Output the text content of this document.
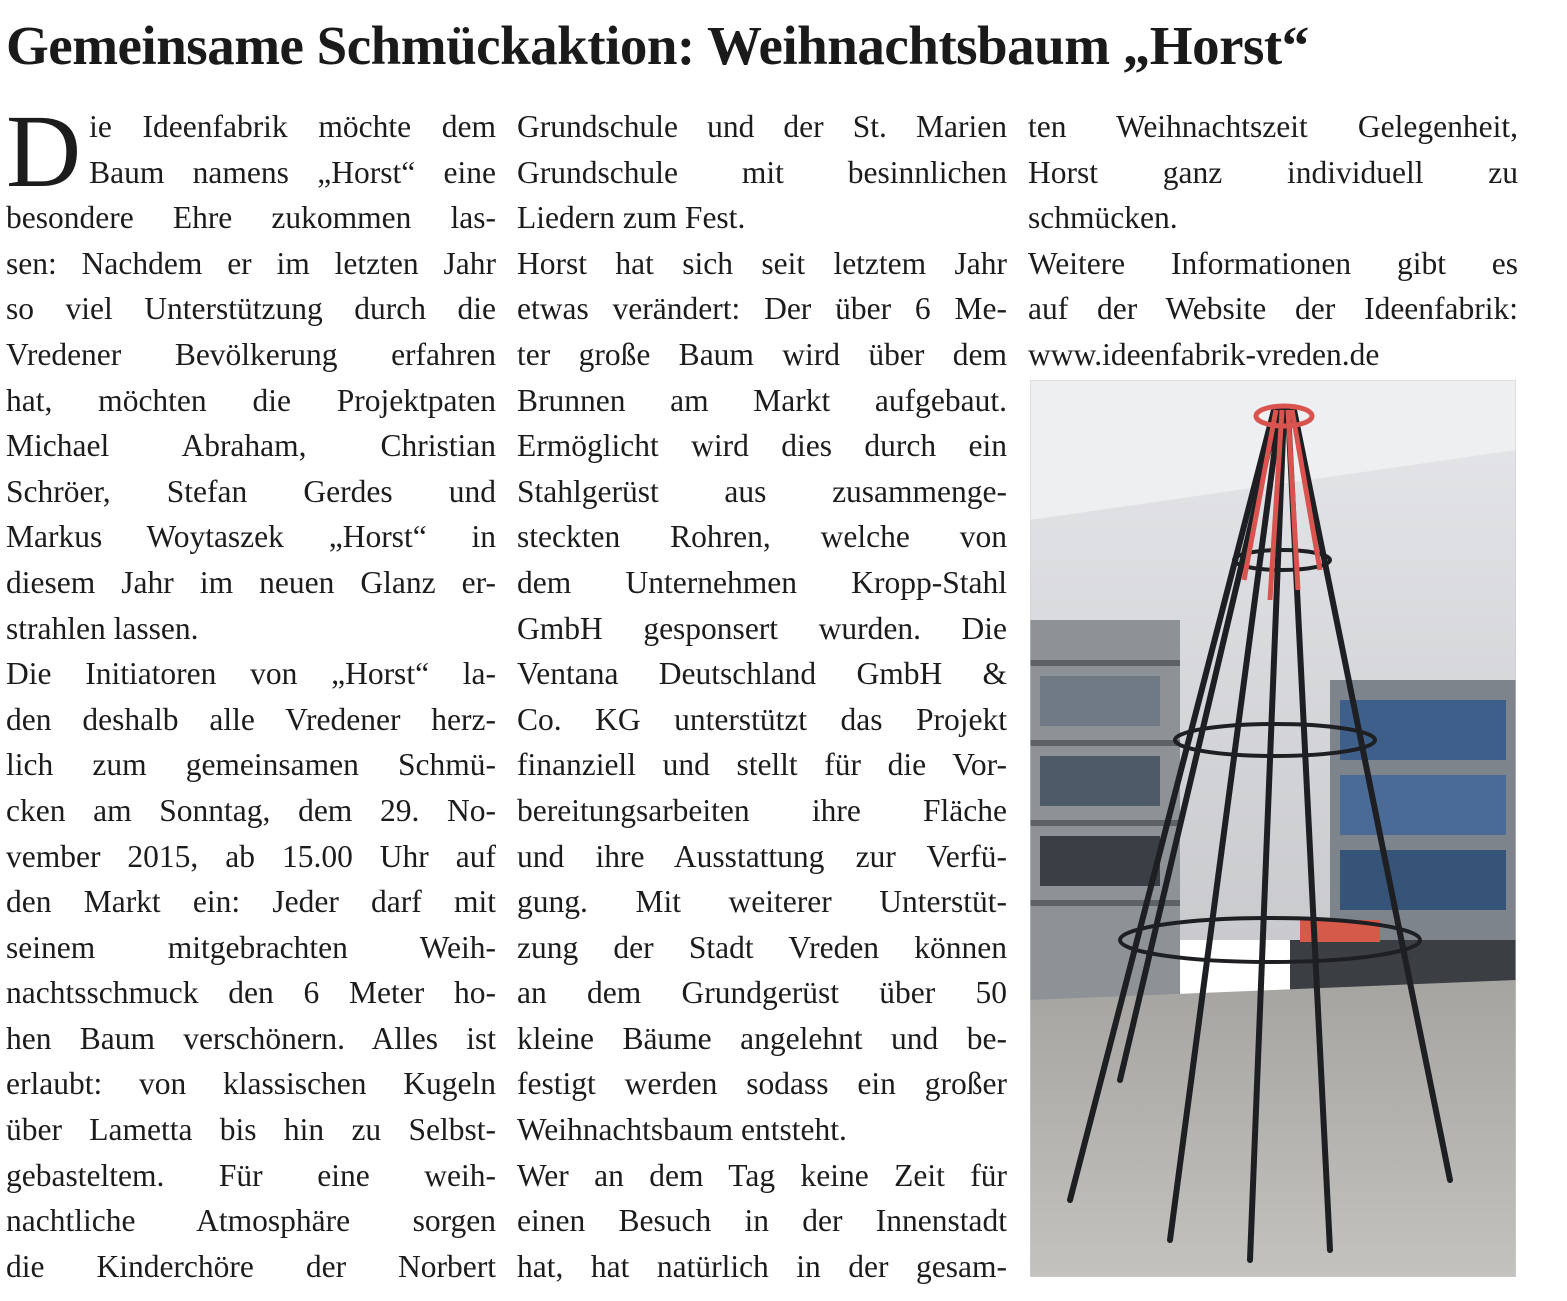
Gemeinsame Schmückaktion: Weihnachtsbaum „Horst“
D ie Ideenfabrik möchte dem
Baum namens „Horst“ eine
besondere Ehre zukommen las-
sen: Nachdem er im letzten Jahr
so viel Unterstützung durch die
Vredener Bevölkerung erfahren
hat, möchten die Projektpaten
Michael Abraham, Christian
Schröer, Stefan Gerdes und
Markus Woytaszek „Horst“ in
diesem Jahr im neuen Glanz er-
strahlen lassen.
Die Initiatoren von „Horst“ la-
den deshalb alle Vredener herz-
lich zum gemeinsamen Schmü-
cken am Sonntag, dem 29. No-
vember 2015, ab 15.00 Uhr auf
den Markt ein: Jeder darf mit
seinem mitgebrachten Weih-
nachtsschmuck den 6 Meter ho-
hen Baum verschönern. Alles ist
erlaubt: von klassischen Kugeln
über Lametta bis hin zu Selbst-
gebasteltem. Für eine weih-
nachtliche Atmosphäre sorgen
die Kinderchöre der Norbert
Grundschule und der St. Marien
Grundschule mit besinnlichen
Liedern zum Fest.
Horst hat sich seit letztem Jahr
etwas verändert: Der über 6 Me-
ter große Baum wird über dem
Brunnen am Markt aufgebaut.
Ermöglicht wird dies durch ein
Stahlgerüst aus zusammenge-
steckten Rohren, welche von
dem Unternehmen Kropp-Stahl
GmbH gesponsert wurden. Die
Ventana Deutschland GmbH &
Co. KG unterstützt das Projekt
finanziell und stellt für die Vor-
bereitungsarbeiten ihre Fläche
und ihre Ausstattung zur Verfü-
gung. Mit weiterer Unterstüt-
zung der Stadt Vreden können
an dem Grundgerüst über 50
kleine Bäume angelehnt und be-
festigt werden sodass ein großer
Weihnachtsbaum entsteht.
Wer an dem Tag keine Zeit für
einen Besuch in der Innenstadt
hat, hat natürlich in der gesam-
ten Weihnachtszeit Gelegenheit,
Horst ganz individuell zu
schmücken.
Weitere Informationen gibt es
auf der Website der Ideenfabrik:
www.ideenfabrik-vreden.de
